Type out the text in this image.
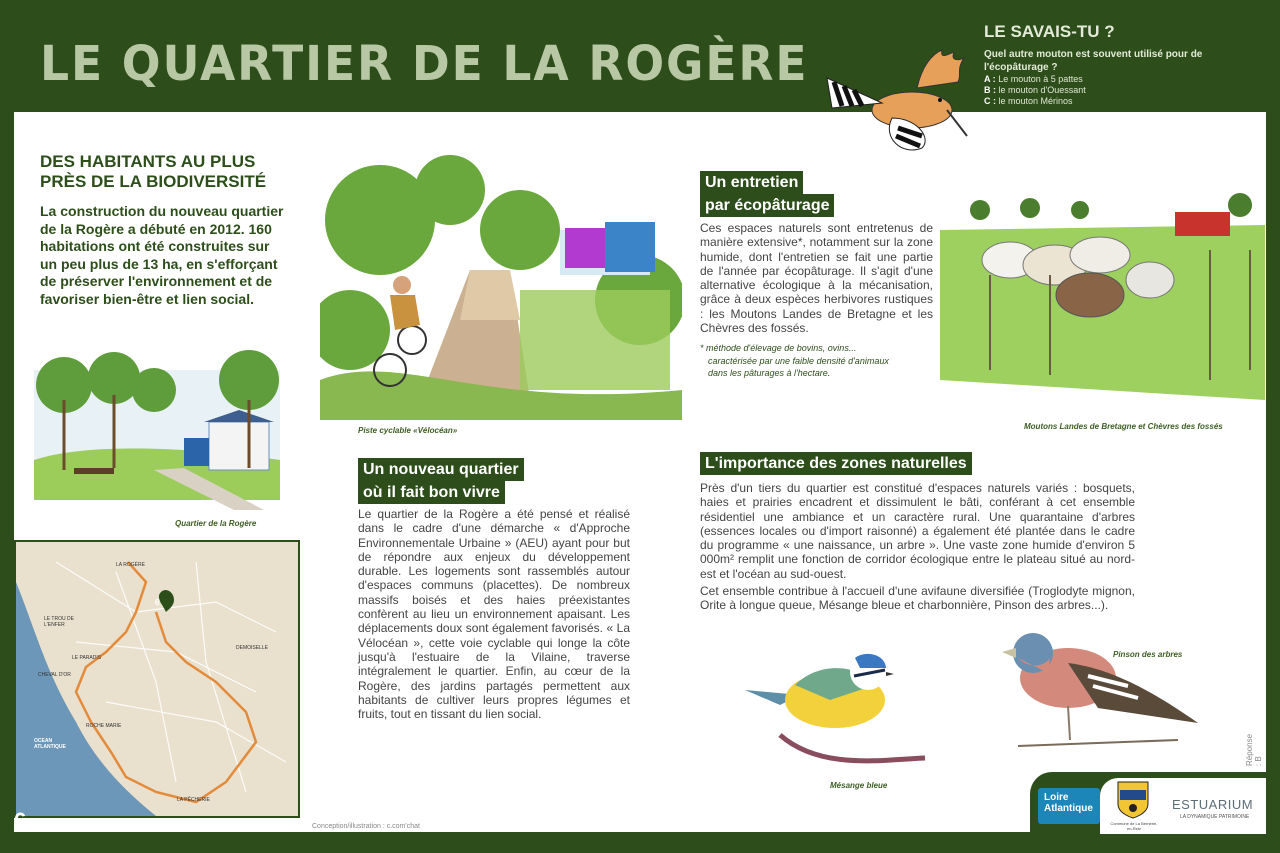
LE QUARTIER DE LA ROGÈRE
LE SAVAIS-TU ?
Quel autre mouton est souvent utilisé pour de l'écopâturage ?
A : Le mouton à 5 pattes
B : le mouton d'Ouessant
C : le mouton Mérinos
DES HABITANTS AU PLUS PRÈS DE LA BIODIVERSITÉ
La construction du nouveau quartier de la Rogère a débuté en 2012. 160 habitations ont été construites sur un peu plus de 13 ha, en s'efforçant de préserver l'environnement et de favoriser bien-être et lien social.
Quartier de la Rogère
6
LA ROGÈRE
LE TROU DE L'ENFER
LE PARADIS
CHEVAL D'OR
OCEAN ATLANTIQUE
ROCHE MARIE
DEMOISELLE
LA PÊCHERIE
Piste cyclable «Vélocéan»
Un nouveau quartier
où il fait bon vivre
Le quartier de la Rogère a été pensé et réalisé dans le cadre d'une démarche « d'Approche Environnementale Urbaine » (AEU) ayant pour but de répondre aux enjeux du développement durable. Les logements sont rassemblés autour d'espaces communs (placettes). De nombreux massifs boisés et des haies préexistantes confèrent au lieu un environnement apaisant. Les déplacements doux sont également favorisés. « La Vélocéan », cette voie cyclable qui longe la côte jusqu'à l'estuaire de la Vilaine, traverse intégralement le quartier. Enfin, au cœur de la Rogère, des jardins partagés permettent aux habitants de cultiver leurs propres légumes et fruits, tout en tissant du lien social.
Un entretien
par écopâturage
Ces espaces naturels sont entretenus de manière extensive*, notamment sur la zone humide, dont l'entretien se fait une partie de l'année par écopâturage. Il s'agit d'une alternative écologique à la mécanisation, grâce à deux espèces herbivores rustiques : les Moutons Landes de Bretagne et les Chèvres des fossés.
* méthode d'élevage de bovins, ovins...
caractérisée par une faible densité d'animaux
dans les pâturages à l'hectare.
Moutons Landes de Bretagne et Chèvres des fossés
L'importance des zones naturelles
Près d'un tiers du quartier est constitué d'espaces naturels variés : bosquets, haies et prairies encadrent et dissimulent le bâti, conférant à cet ensemble résidentiel une ambiance et un caractère rural. Une quarantaine d'arbres (essences locales ou d'import raisonné) a également été plantée dans le cadre du programme « une naissance, un arbre ». Une vaste zone humide d'environ 5 000m² remplit une fonction de corridor écologique entre le plateau situé au nord-est et l'océan au sud-ouest.
Cet ensemble contribue à l'accueil d'une avifaune diversifiée (Troglodyte mignon, Orite à longue queue, Mésange bleue et charbonnière, Pinson des arbres...).
Mésange bleue
Pinson des arbres
Réponse : B
Loire
Atlantique
Commune de La Bernerie-en-Retz
ESTUARIUM
LA DYNAMIQUE PATRIMOINE
6 Parcours nature de la Bernerie-en-Retz - 2026	Conception/illustration : c.com'chat
